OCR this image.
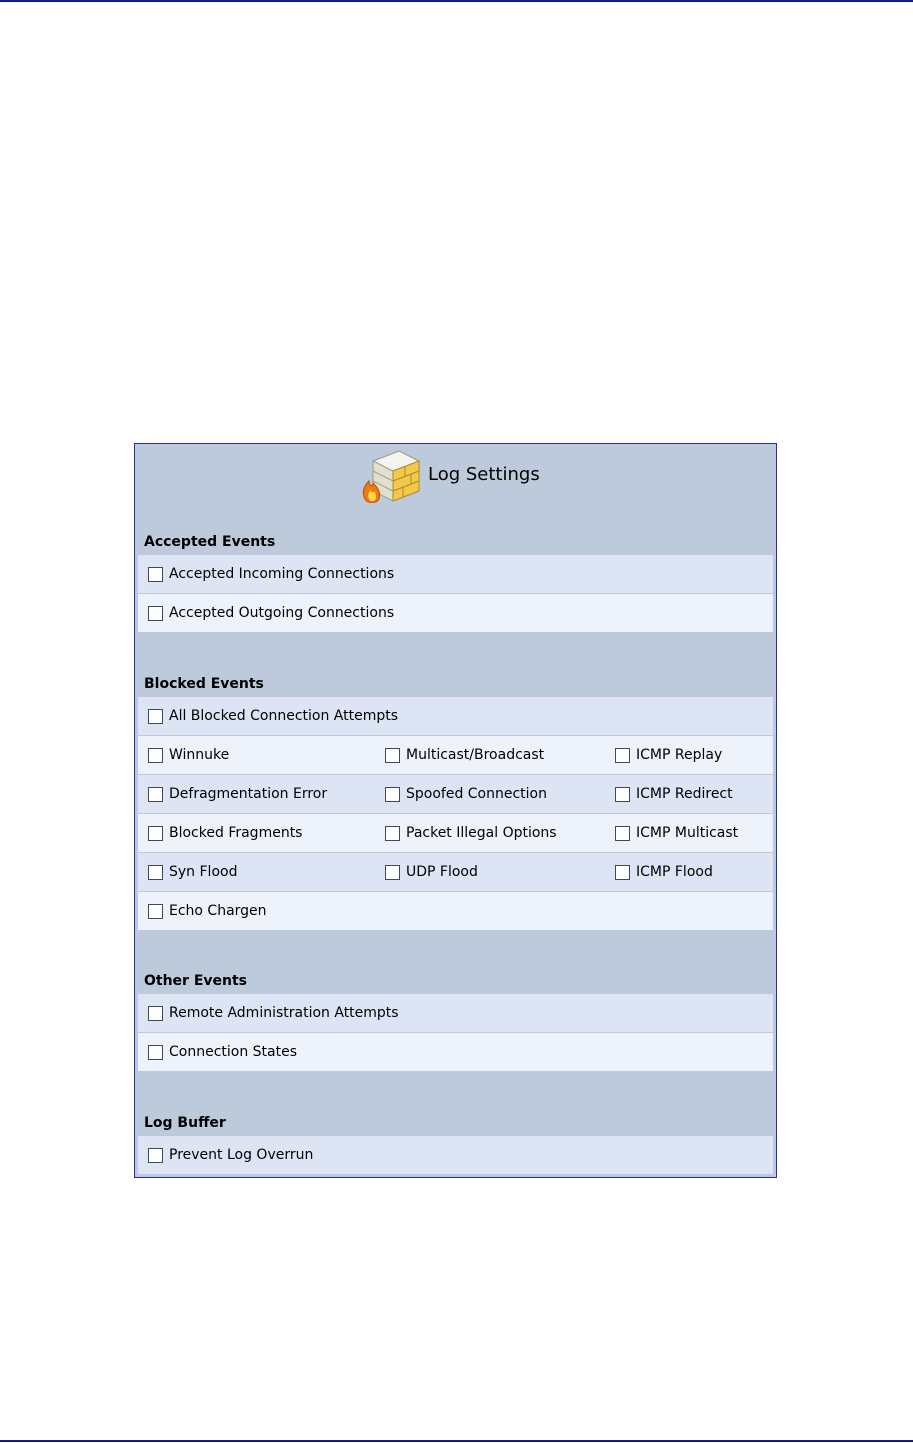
Log Settings
Accepted Events
Accepted Incoming Connections
Accepted Outgoing Connections
Blocked Events
All Blocked Connection Attempts
Winnuke	Multicast/Broadcast	ICMP Replay
Defragmentation Error	Spoofed Connection	ICMP Redirect
Blocked Fragments	Packet Illegal Options	ICMP Multicast
Syn Flood	UDP Flood	ICMP Flood
Echo Chargen
Other Events
Remote Administration Attempts
Connection States
Log Buffer
Prevent Log Overrun
